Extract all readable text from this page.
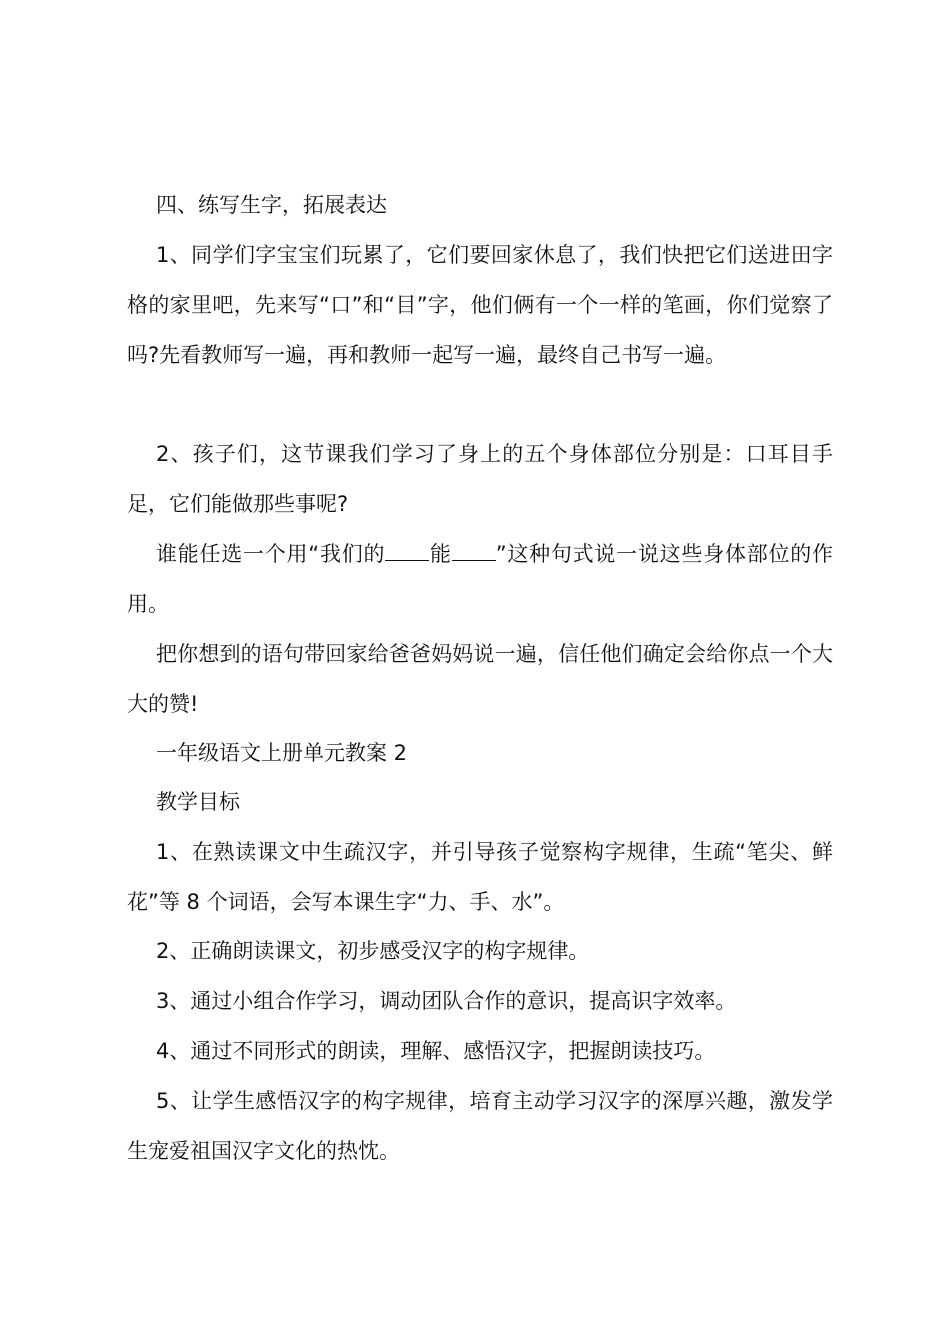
四、练写生字，拓展表达

1、同学们字宝宝们玩累了，它们要回家休息了，我们快把它们送进田字格的家里吧，先来写“口”和“目”字，他们俩有一个一样的笔画，你们觉察了吗?先看教师写一遍，再和教师一起写一遍，最终自己书写一遍。

2、孩子们，这节课我们学习了身上的五个身体部位分别是：口耳目手足，它们能做那些事呢?

谁能任选一个用“我们的 能 ”这种句式说一说这些身体部位的作用。

把你想到的语句带回家给爸爸妈妈说一遍，信任他们确定会给你点一个大大的赞!

一年级语文上册单元教案 2

教学目标

1、在熟读课文中生疏汉字，并引导孩子觉察构字规律，生疏“笔尖、鲜花”等 8 个词语，会写本课生字“力、手、水”。

2、正确朗读课文，初步感受汉字的构字规律。

3、通过小组合作学习，调动团队合作的意识，提高识字效率。

4、通过不同形式的朗读，理解、感悟汉字，把握朗读技巧。

5、让学生感悟汉字的构字规律，培育主动学习汉字的深厚兴趣，激发学生宠爱祖国汉字文化的热忱。
